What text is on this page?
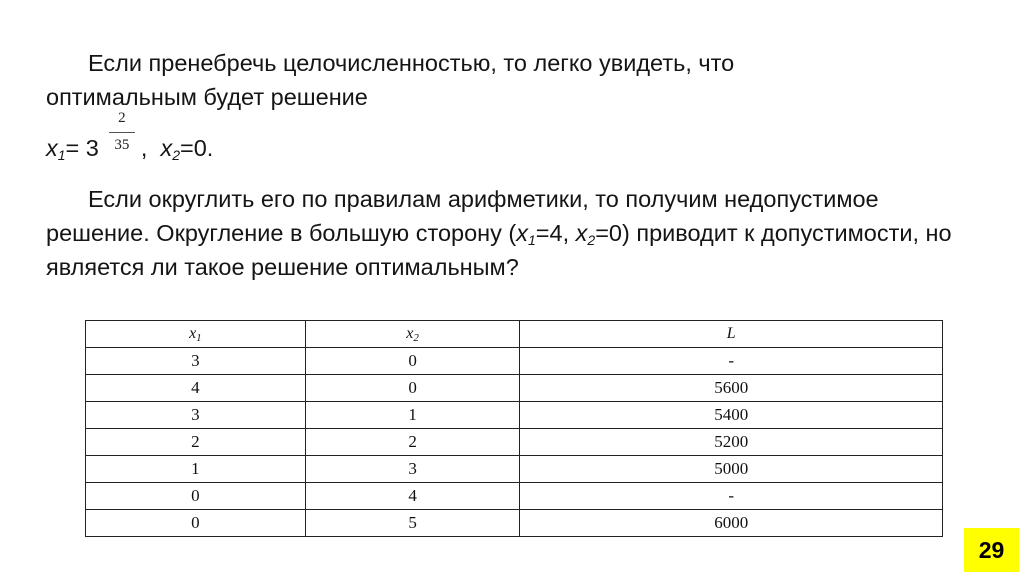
Если пренебречь целочисленностью, то легко увидеть, что
оптимальным будет решение
$x_1= 3 \frac{2}{35}$ , $x_2=0$.
Если округлить его по правилам арифметики, то получим недопустимое решение. Округление в большую сторону ($x_1=4$, $x_2=0$) приводит к допустимости, но является ли такое решение оптимальным?
$x_1$	$x_2$	L
3	0	-
4	0	5600
3	1	5400
2	2	5200
1	3	5000
0	4	-
0	5	6000
29
